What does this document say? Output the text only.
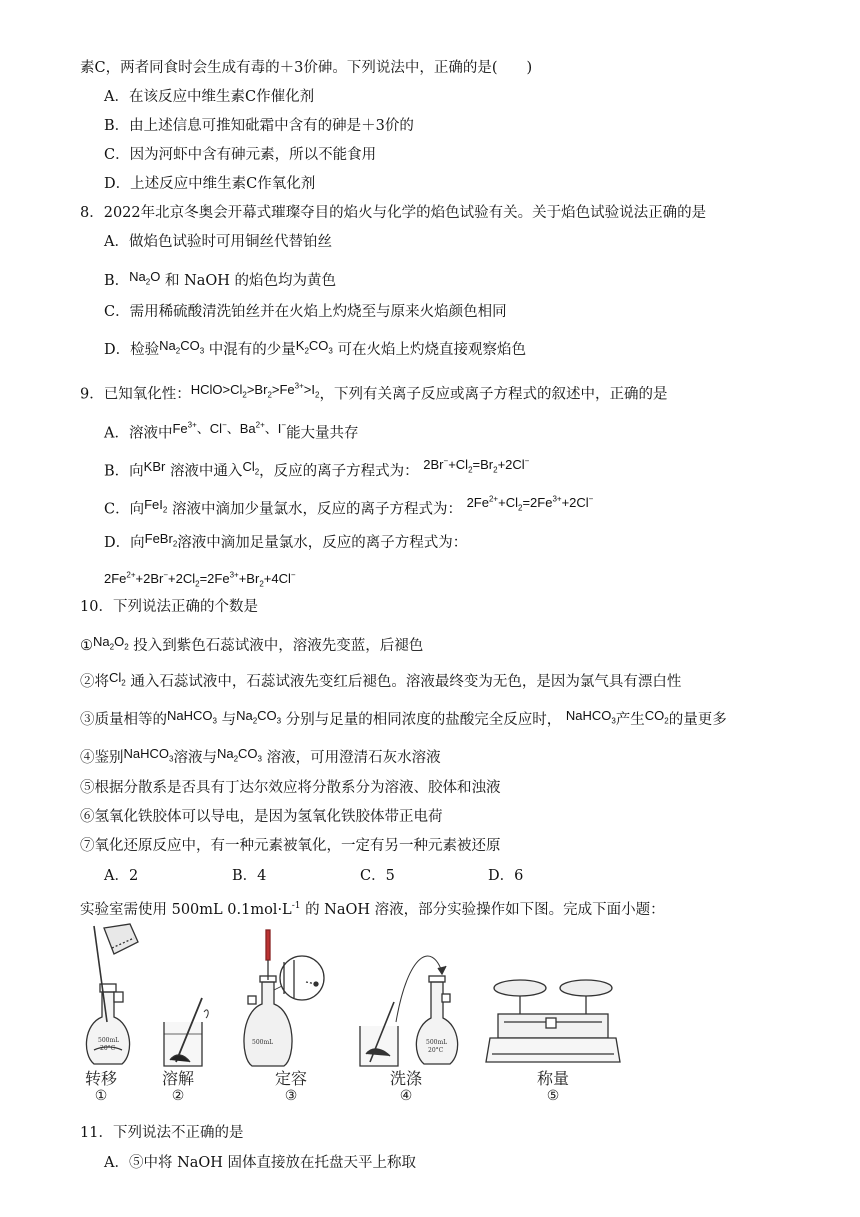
素C，两者同食时会生成有毒的＋3价砷。下列说法中，正确的是(　　)
A．在该反应中维生素C作催化剂
B．由上述信息可推知砒霜中含有的砷是＋3价的
C．因为河虾中含有砷元素，所以不能食用
D．上述反应中维生素C作氧化剂
8．2022年北京冬奥会开幕式璀璨夺目的焰火与化学的焰色试验有关。关于焰色试验说法正确的是
A．做焰色试验时可用铜丝代替铂丝
B．$Na_2O$ 和 NaOH 的焰色均为黄色
C．需用稀硫酸清洗铂丝并在火焰上灼烧至与原来火焰颜色相同
D．检验$Na_2CO_3$ 中混有的少量$K_2CO_3$ 可在火焰上灼烧直接观察焰色
9．已知氧化性：$HClO>Cl_2>Br_2>Fe^{3+}>I_2$，下列有关离子反应或离子方程式的叙述中，正确的是
A．溶液中$Fe^{3+}$、Cl−、$Ba^{2+}$、I−能大量共存
B．向KBr 溶液中通入$Cl_2$，反应的离子方程式为： $2Br^-+Cl_2=Br_2+2Cl^-$
C．向FeI$_2$ 溶液中滴加少量氯水，反应的离子方程式为： $2Fe^{2+}+Cl_2=2Fe^{3+}+2Cl^-$
D．向FeBr$_2$溶液中滴加足量氯水，反应的离子方程式为：
$2Fe^{2+}+2Br^-+2Cl_2=2Fe^{3+}+Br_2+4Cl^-$
10．下列说法正确的个数是
$①Na_2O_2$ 投入到紫色石蕊试液中，溶液先变蓝，后褪色
②将$Cl_2$ 通入石蕊试液中，石蕊试液先变红后褪色。溶液最终变为无色，是因为氯气具有漂白性
③质量相等的NaHCO$_3$ 与$Na_2CO_3$ 分别与足量的相同浓度的盐酸完全反应时， NaHCO$_3$产生$CO_2$的量更多
④鉴别NaHCO$_3$溶液与$Na_2CO_3$ 溶液，可用澄清石灰水溶液
⑤根据分散系是否具有丁达尔效应将分散系分为溶液、胶体和浊液
⑥氢氧化铁胶体可以导电，是因为氢氧化铁胶体带正电荷
⑦氧化还原反应中，有一种元素被氧化，一定有另一种元素被还原
A．2	B．4	C．5	D．6
实验室需使用 500mL $0.1mol\cdot L^{-1}$ 的 NaOH 溶液，部分实验操作如下图。完成下面小题：
500mL
20°C
500mL	500mL
20°C
转移
①
溶解
②
定容
③
洗涤
④
称量
⑤
11．下列说法不正确的是
A．⑤中将 NaOH 固体直接放在托盘天平上称取
